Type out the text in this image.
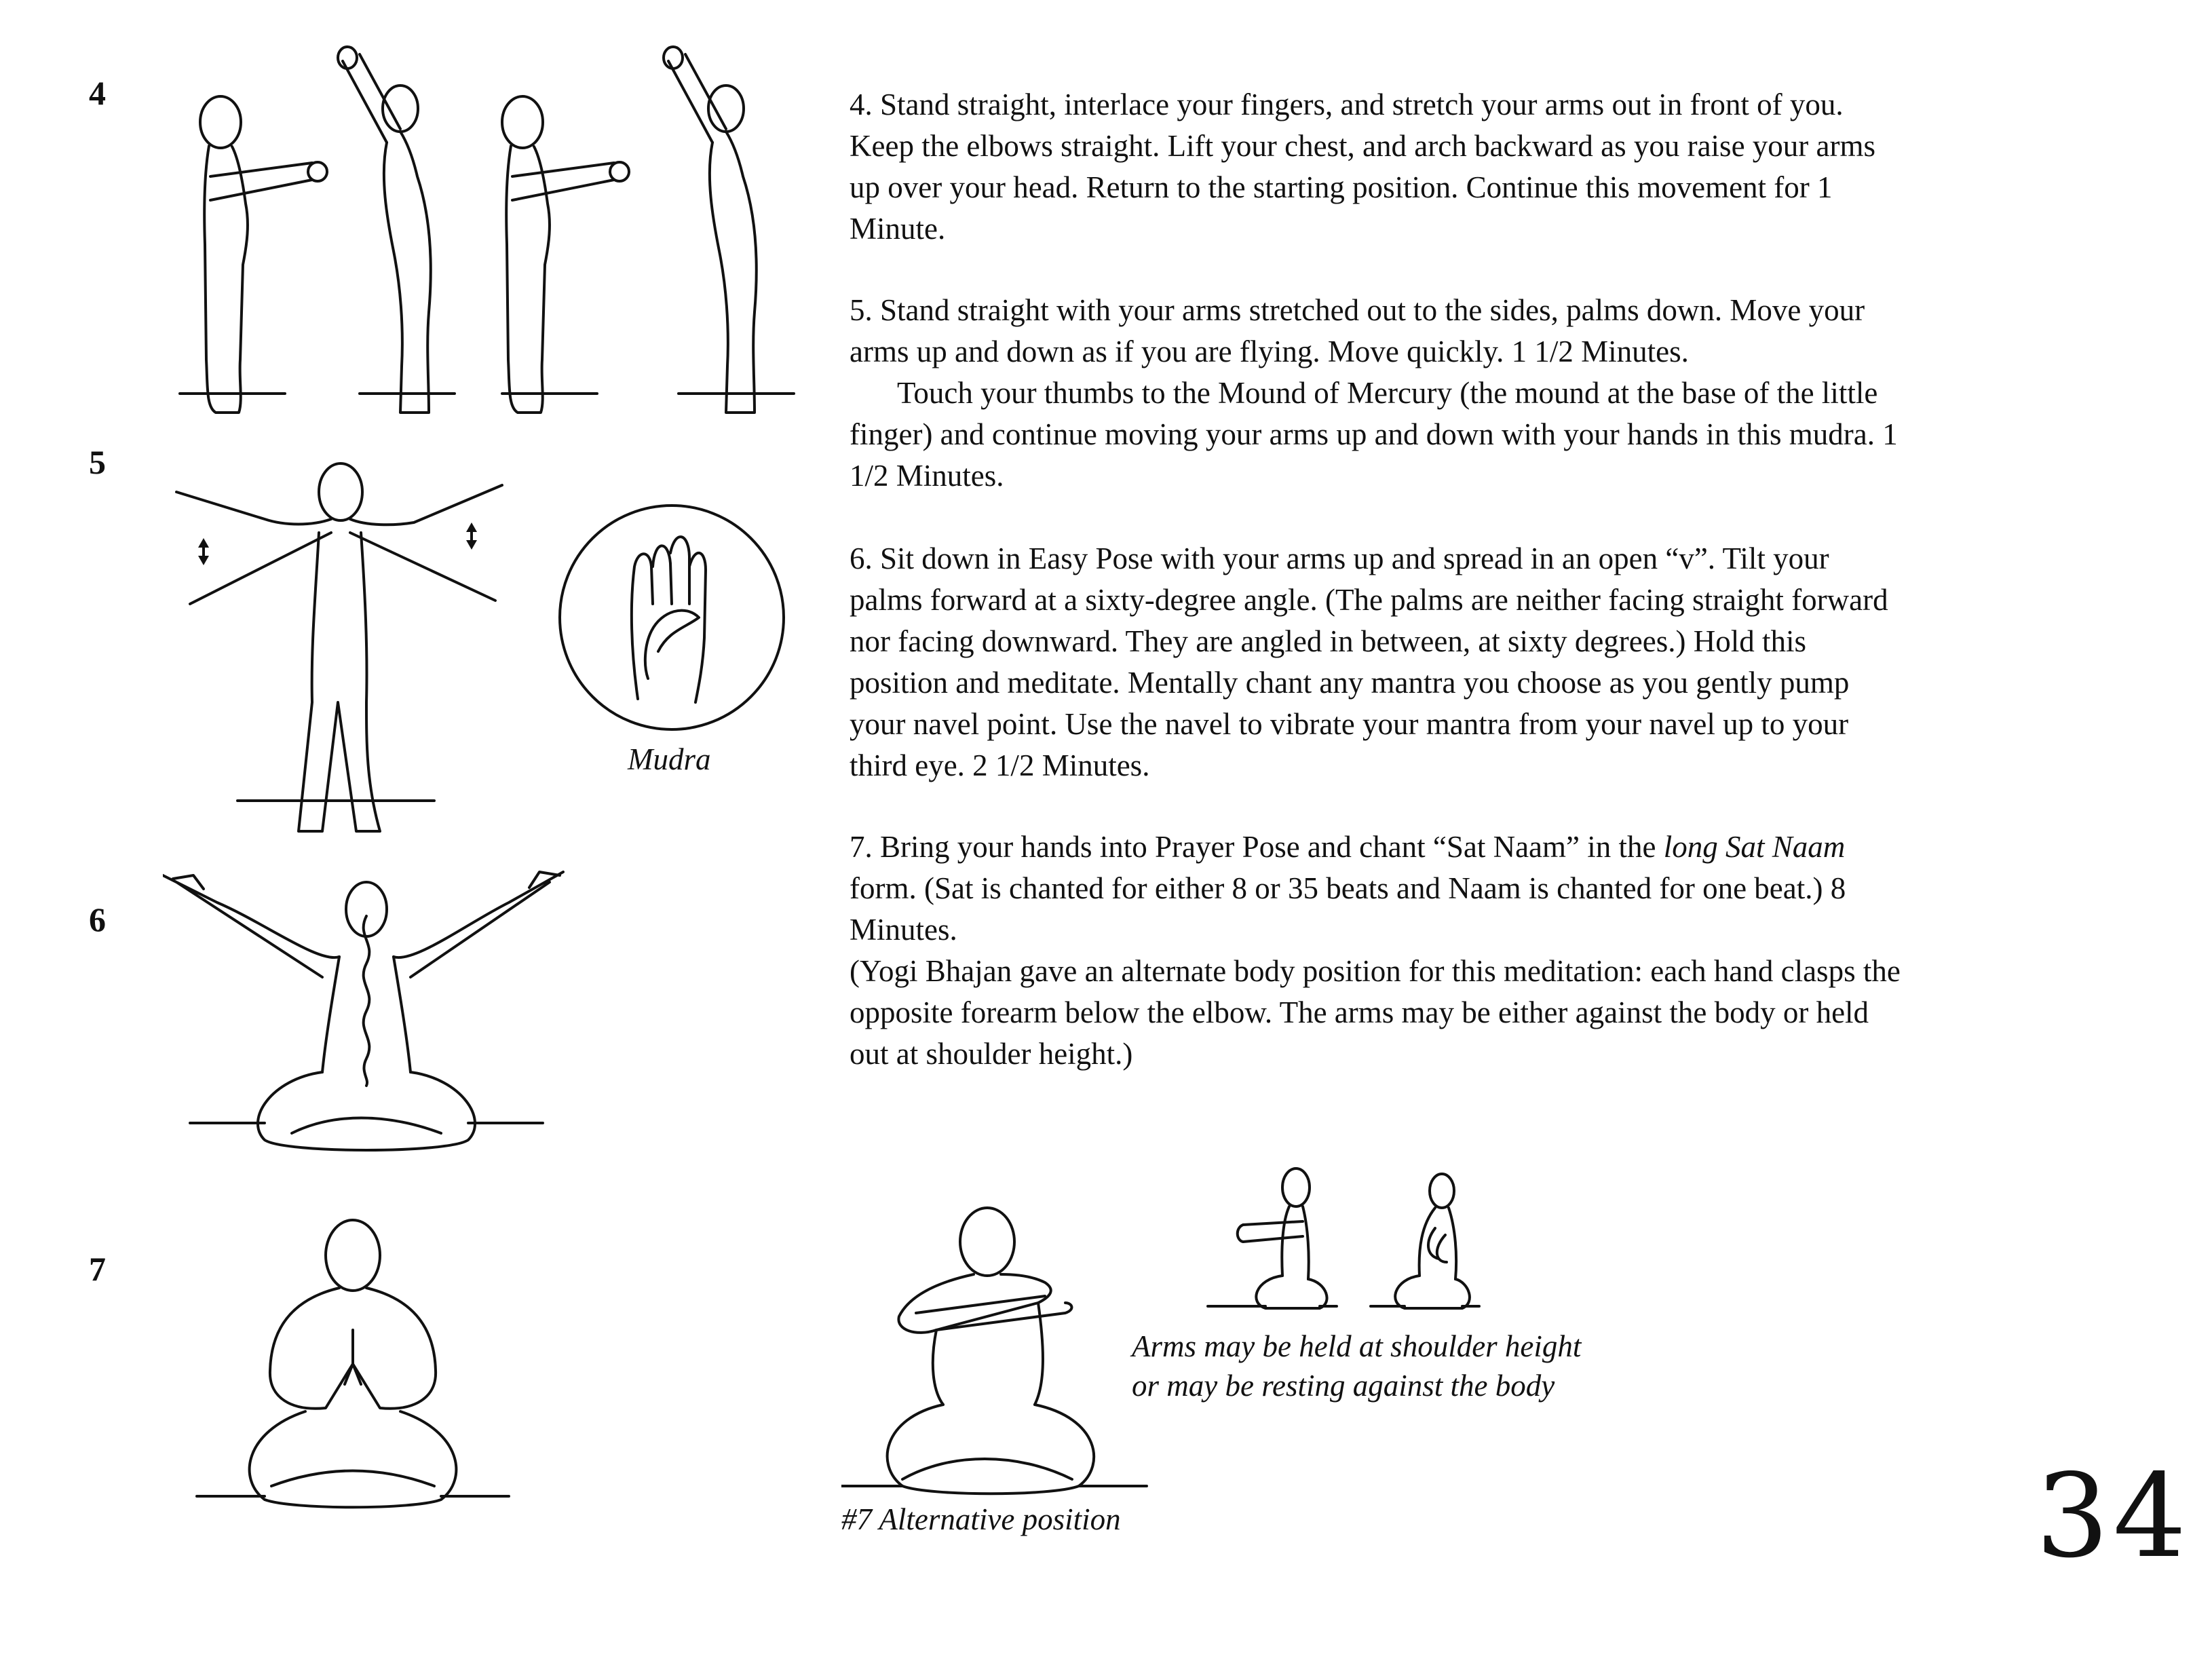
4
5
6
7
Mudra
Arms may be held at shoulder height
or may be resting against the body
#7 Alternative position

4. Stand straight, interlace your fingers, and stretch your arms out in front of you. Keep the elbows straight. Lift your chest, and arch backward as you raise your arms up over your head. Return to the starting position. Continue this movement for 1 Minute.

5. Stand straight with your arms stretched out to the sides, palms down. Move your arms up and down as if you are flying. Move quickly. 1 1/2 Minutes.

Touch your thumbs to the Mound of Mercury (the mound at the base of the little finger) and continue moving your arms up and down with your hands in this mudra. 1 1/2 Minutes.

6. Sit down in Easy Pose with your arms up and spread in an open “v”. Tilt your palms forward at a sixty-degree angle. (The palms are neither facing straight forward nor facing downward. They are angled in between, at sixty degrees.) Hold this position and meditate. Mentally chant any mantra you choose as you gently pump your navel point. Use the navel to vibrate your mantra from your navel up to your third eye. 2 1/2 Minutes.

7. Bring your hands into Prayer Pose and chant “Sat Naam” in the long Sat Naam form. (Sat is chanted for either 8 or 35 beats and Naam is chanted for one beat.) 8 Minutes.

(Yogi Bhajan gave an alternate body position for this meditation: each hand clasps the opposite forearm below the elbow. The arms may be either against the body or held out at shoulder height.)

34
